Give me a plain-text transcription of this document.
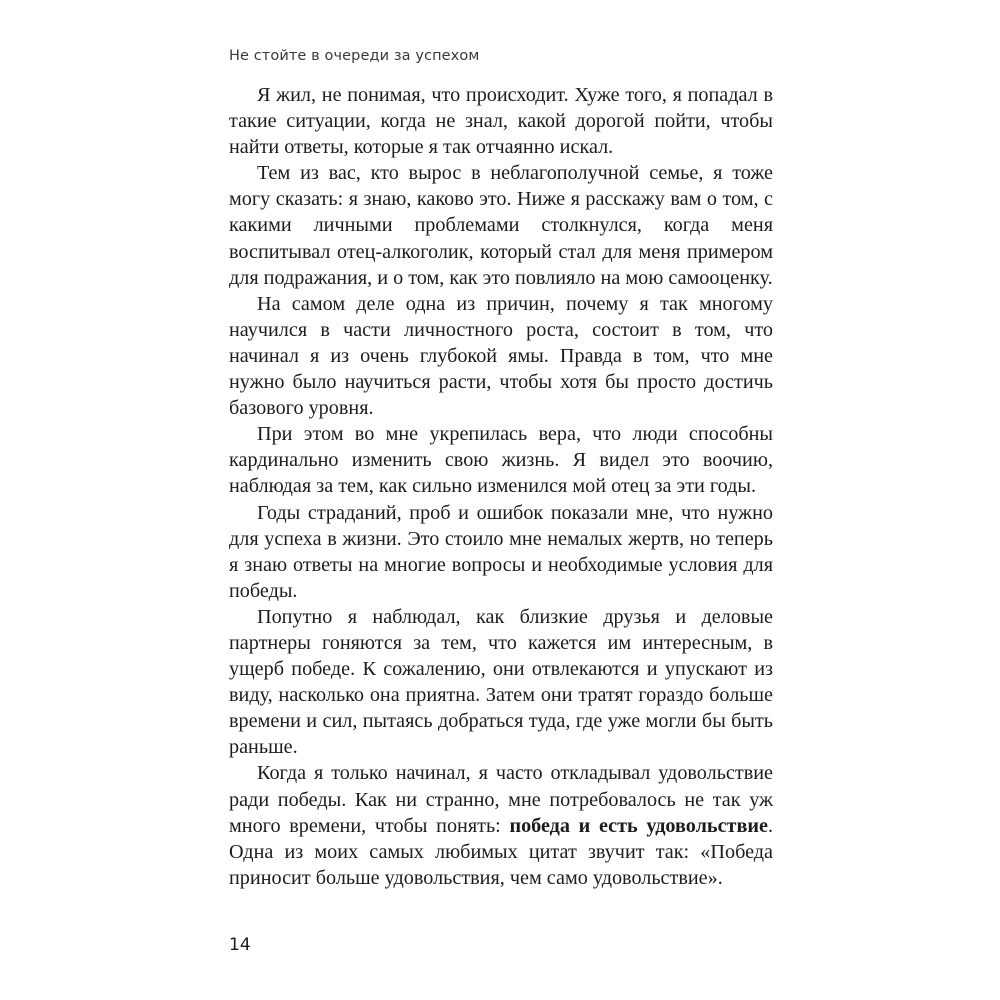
Не стойте в очереди за успехом

Я жил, не понимая, что происходит. Хуже того, я попадал в такие ситуации, когда не знал, какой дорогой пойти, чтобы найти ответы, которые я так отчаянно искал.

Тем из вас, кто вырос в неблагополучной семье, я тоже могу сказать: я знаю, каково это. Ниже я расскажу вам о том, с какими личными проблемами столкнулся, когда меня воспитывал отец-алкоголик, который стал для меня примером для подражания, и о том, как это повлияло на мою самооценку.

На самом деле одна из причин, почему я так многому научился в части личностного роста, состоит в том, что начинал я из очень глубокой ямы. Правда в том, что мне нужно было научиться расти, чтобы хотя бы просто достичь базового уровня.

При этом во мне укрепилась вера, что люди способны кардинально изменить свою жизнь. Я видел это воочию, наблюдая за тем, как сильно изменился мой отец за эти годы.

Годы страданий, проб и ошибок показали мне, что нужно для успеха в жизни. Это стоило мне немалых жертв, но теперь я знаю ответы на многие вопросы и необходимые условия для победы.

Попутно я наблюдал, как близкие друзья и деловые партнеры гоняются за тем, что кажется им интересным, в ущерб победе. К сожалению, они отвлекаются и упускают из виду, насколько она приятна. Затем они тратят гораздо больше времени и сил, пытаясь добраться туда, где уже могли бы быть раньше.

Когда я только начинал, я часто откладывал удовольствие ради победы. Как ни странно, мне потребовалось не так уж много времени, чтобы понять: победа и есть удовольствие. Одна из моих самых любимых цитат звучит так: «Победа приносит больше удовольствия, чем само удовольствие».

14
